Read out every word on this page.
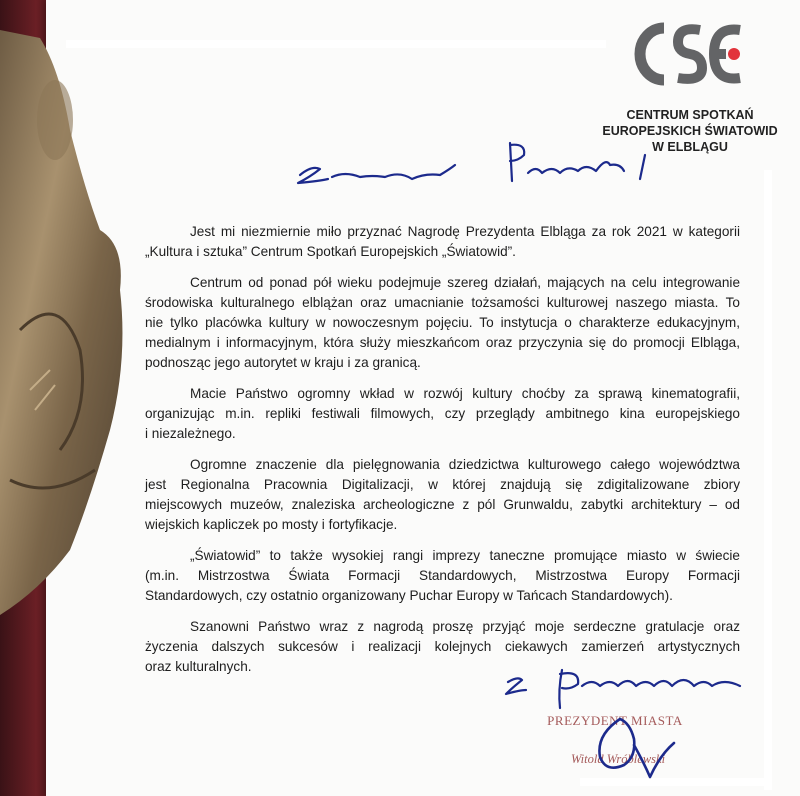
CENTRUM SPOTKAŃ
EUROPEJSKICH ŚWIATOWID
W ELBLĄGU

Jest mi niezmiernie miło przyznać Nagrodę Prezydenta Elbląga za rok 2021 w kategorii
„Kultura i sztuka” Centrum Spotkań Europejskich „Światowid”.

Centrum od ponad pół wieku podejmuje szereg działań, mających na celu integrowanie
środowiska kulturalnego elblążan oraz umacnianie tożsamości kulturowej naszego miasta. To
nie tylko placówka kultury w nowoczesnym pojęciu. To instytucja o charakterze edukacyjnym,
medialnym i informacyjnym, która służy mieszkańcom oraz przyczynia się do promocji Elbląga,
podnosząc jego autorytet w kraju i za granicą.

Macie Państwo ogromny wkład w rozwój kultury choćby za sprawą kinematografii,
organizując m.in. repliki festiwali filmowych, czy przeglądy ambitnego kina europejskiego
i niezależnego.

Ogromne znaczenie dla pielęgnowania dziedzictwa kulturowego całego województwa
jest Regionalna Pracownia Digitalizacji, w której znajdują się zdigitalizowane zbiory
miejscowych muzeów, znaleziska archeologiczne z pól Grunwaldu, zabytki architektury – od
wiejskich kapliczek po mosty i fortyfikacje.

„Światowid” to także wysokiej rangi imprezy taneczne promujące miasto w świecie
(m.in. Mistrzostwa Świata Formacji Standardowych, Mistrzostwa Europy Formacji
Standardowych, czy ostatnio organizowany Puchar Europy w Tańcach Standardowych).

Szanowni Państwo wraz z nagrodą proszę przyjąć moje serdeczne gratulacje oraz
życzenia dalszych sukcesów i realizacji kolejnych ciekawych zamierzeń artystycznych
oraz kulturalnych.

PREZYDENT MIASTA
Witold Wróblewski
